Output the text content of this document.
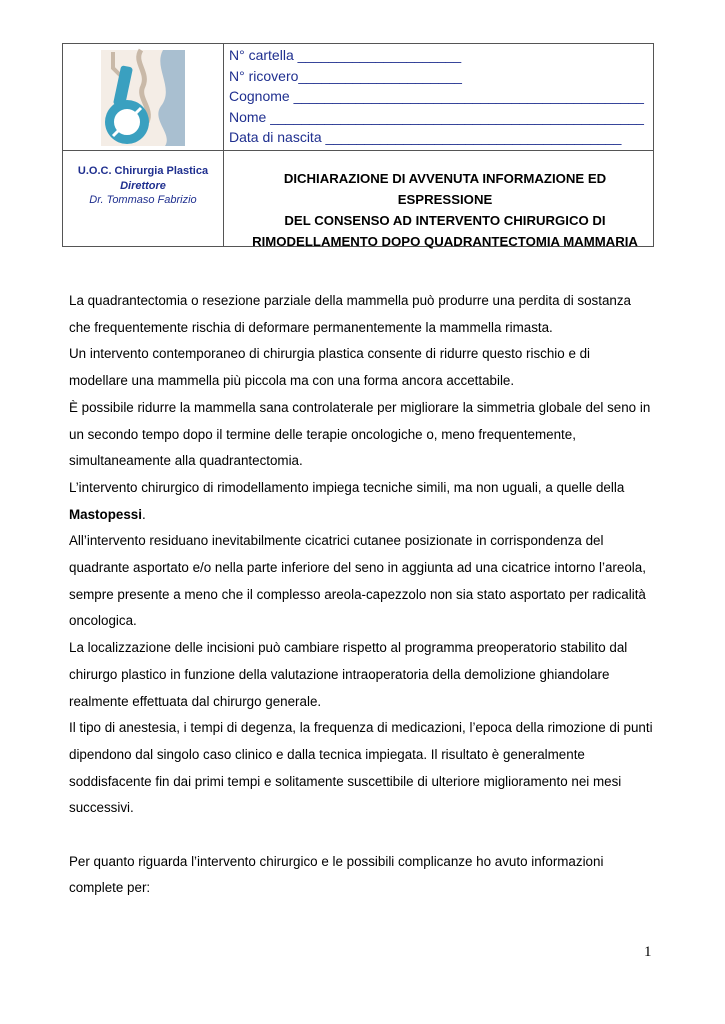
N° cartella _____________________
N° ricovero_____________________
Cognome _____________________________________________
Nome ________________________________________________
Data di nascita ______________________________________
U.O.C. Chirurgia Plastica
Direttore
Dr. Tommaso Fabrizio
DICHIARAZIONE DI AVVENUTA INFORMAZIONE ED ESPRESSIONE
DEL CONSENSO AD INTERVENTO CHIRURGICO DI
RIMODELLAMENTO DOPO QUADRANTECTOMIA MAMMARIA

La quadrantectomia o resezione parziale della mammella può produrre una perdita di sostanza

che frequentemente rischia di deformare permanentemente la mammella rimasta.

Un intervento contemporaneo di chirurgia plastica consente di ridurre questo rischio e di

modellare una mammella più piccola ma con una forma ancora accettabile.

È possibile ridurre la mammella sana controlaterale per migliorare la simmetria globale del seno in

un secondo tempo dopo il termine delle terapie oncologiche o, meno frequentemente,

simultaneamente alla quadrantectomia.

L’intervento chirurgico di rimodellamento impiega tecniche simili, ma non uguali, a quelle della

Mastopessi.

All’intervento residuano inevitabilmente cicatrici cutanee posizionate in corrispondenza del

quadrante asportato e/o nella parte inferiore del seno in aggiunta ad una cicatrice intorno l’areola,

sempre presente a meno che il complesso areola-capezzolo non sia stato asportato per radicalità

oncologica.

La localizzazione delle incisioni può cambiare rispetto al programma preoperatorio stabilito dal

chirurgo plastico in funzione della valutazione intraoperatoria della demolizione ghiandolare

realmente effettuata dal chirurgo generale.

Il tipo di anestesia, i tempi di degenza, la frequenza di medicazioni, l’epoca della rimozione di punti

dipendono dal singolo caso clinico e dalla tecnica impiegata. Il risultato è generalmente

soddisfacente fin dai primi tempi e solitamente suscettibile di ulteriore miglioramento nei mesi

successivi.

Per quanto riguarda l’intervento chirurgico e le possibili complicanze ho avuto informazioni

complete per:

1
